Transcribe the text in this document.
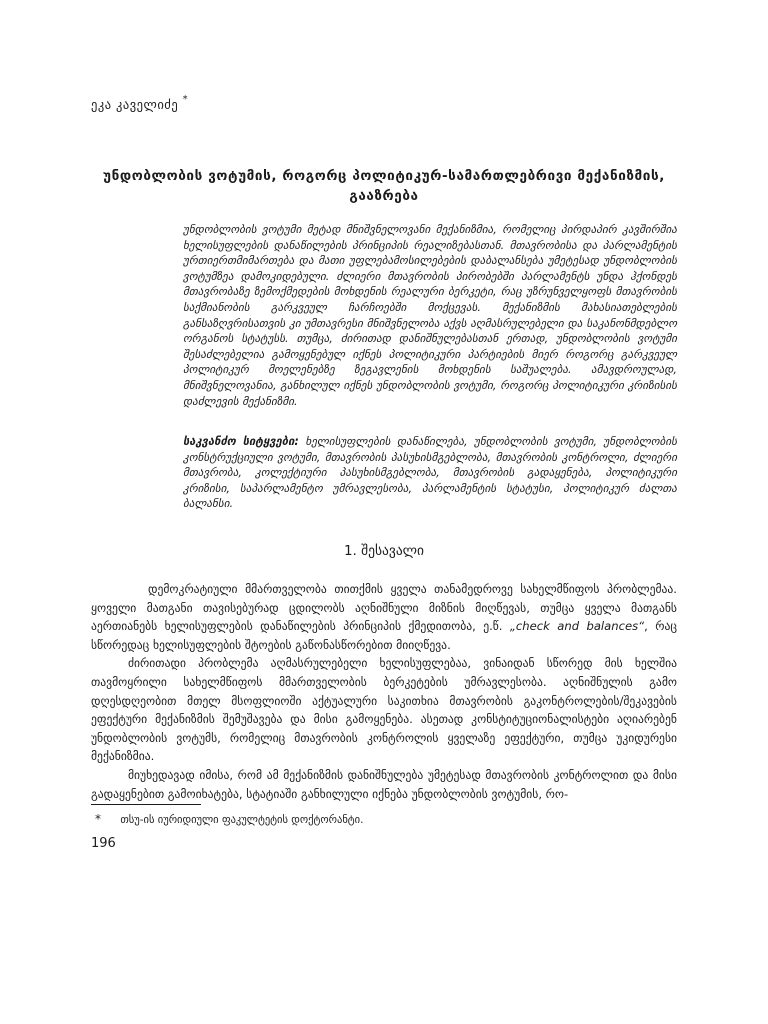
ეკა კაველიძე *
უნდობლობის ვოტუმის, როგორც პოლიტიკურ-სამართლებრივი მექანიზმის, გააზრება

უნდობლობის ვოტუმი მეტად მნიშვნელოვანი მექანიზმია, რომელიც პირდაპირ კავშირშია ხელისუფლების დანაწილების პრინციპის რეალიზებასთან. მთავრობისა და პარლამენტის ურთიერთმიმართება და მათი უფლებამოსილებების დაბალანსება უმეტესად უნდობლობის ვოტუმზეა დამოკიდებული. ძლიერი მთავრობის პირობებში პარლამენტს უნდა ჰქონდეს მთავრობაზე ზემოქმედების მოხდენის რეალური ბერკეტი, რაც უზრუნველყოფს მთავრობის საქმიანობის გარკვეულ ჩარჩოებში მოქცევას. მექანიზმის მახასიათებლების განსაზღვრისათვის კი უმთავრესი მნიშვნელობა აქვს აღმასრულებელი და საკანონმდებლო ორგანოს სტატუსს. თუმცა, ძირითად დანიშნულებასთან ერთად, უნდობლობის ვოტუმი შესაძლებელია გამოყენებულ იქნეს პოლიტიკური პარტიების მიერ როგორც გარკვეულ პოლიტიკურ მოელენებზე ზეგავლენის მოხდენის საშუალება. ამავდროულად, მნიშვნელოვანია, განხილულ იქნეს უნდობლობის ვოტუმი, როგორც პოლიტიკური კრიზისის დაძლევის მექანიზმი.

საკვანძო სიტყვები: ხელისუფლების დანაწილება, უნდობლობის ვოტუმი, უნდობლობის კონსტრუქციული ვოტუმი, მთავრობის პასუხისმგებლობა, მთავრობის კონტროლი, ძლიერი მთავრობა, კოლექტიური პასუხისმგებლობა, მთავრობის გადაყენება, პოლიტიკური კრიზისი, საპარლამენტო უმრავლესობა, პარლამენტის სტატუსი, პოლიტიკურ ძალთა ბალანსი.

1. შესავალი

დემოკრატიული მმართველობა თითქმის ყველა თანამედროვე სახელმწიფოს პრობლემაა. ყოველი მათგანი თავისებურად ცდილობს აღნიშნული მიზნის მიღწევას, თუმცა ყველა მათგანს აერთიანებს ხელისუფლების დანაწილების პრინციპის ქმედითობა, ე.წ. „check and balances“, რაც სწორედაც ხელისუფლების შტოების გაწონასწორებით მიიღწევა.

ძირითადი პრობლემა აღმასრულებელი ხელისუფლებაა, ვინაიდან სწორედ მის ხელშია თავმოყრილი სახელმწიფოს მმართველობის ბერკეტების უმრავლესობა. აღნიშნულის გამო დღესდღეობით მთელ მსოფლიოში აქტუალური საკითხია მთავრობის გაკონტროლების/შეკავების ეფექტური მექანიზმის შემუშავება და მისი გამოყენება. ასეთად კონსტიტუციონალისტები აღიარებენ უნდობლობის ვოტუმს, რომელიც მთავრობის კონტროლის ყველაზე ეფექტური, თუმცა უკიდურესი მექანიზმია.

მიუხედავად იმისა, რომ ამ მექანიზმის დანიშნულება უმეტესად მთავრობის კონტროლით და მისი გადაყენებით გამოიხატება, სტატიაში განხილული იქნება უნდობლობის ვოტუმის, რო-

* თსუ-ის იურიდიული ფაკულტეტის დოქტორანტი.
196
